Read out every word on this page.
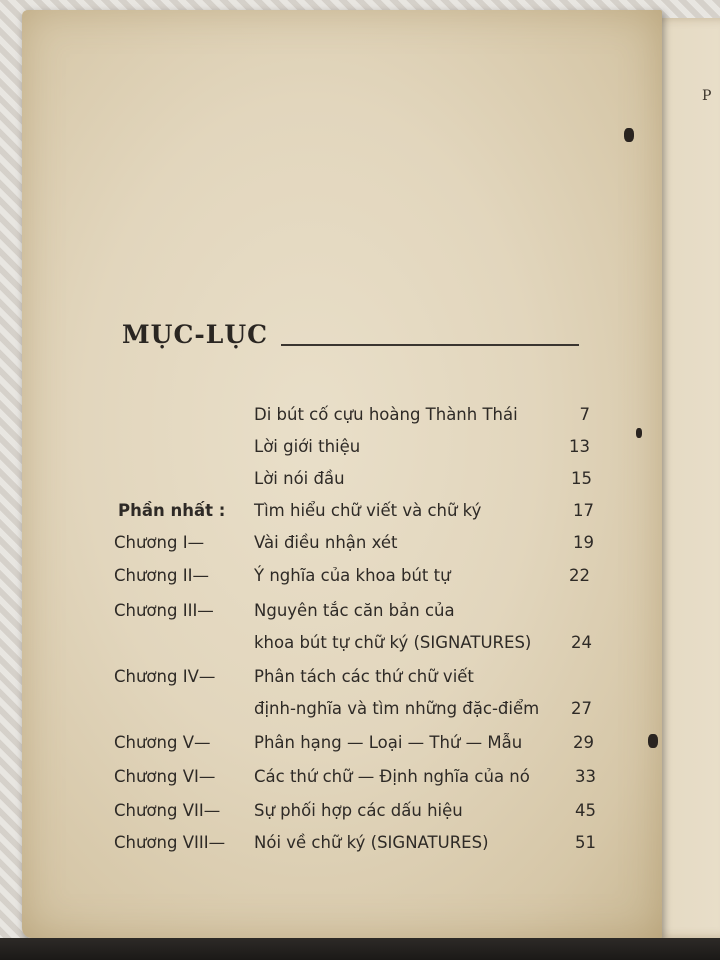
P
MỤC-LỤC
Di bút cố cựu hoàng Thành Thái	7
Lời giới thiệu	13
Lời nói đầu	15
Phần nhất : Tìm hiểu chữ viết và chữ ký	17
Chương I—	Vài điều nhận xét	19
Chương II—	Ý nghĩa của khoa bút tự	22
Chương III— Nguyên tắc căn bản của
khoa bút tự chữ ký (SIGNATURES)	24
Chương IV— Phân tách các thứ chữ viết
định-nghĩa và tìm những đặc-điểm	27
Chương V—	Phân hạng — Loại — Thứ — Mẫu	29
Chương VI— Các thứ chữ — Định nghĩa của nó	33
Chương VII— Sự phối hợp các dấu hiệu	45
Chương VIII— Nói về chữ ký (SIGNATURES)	51
